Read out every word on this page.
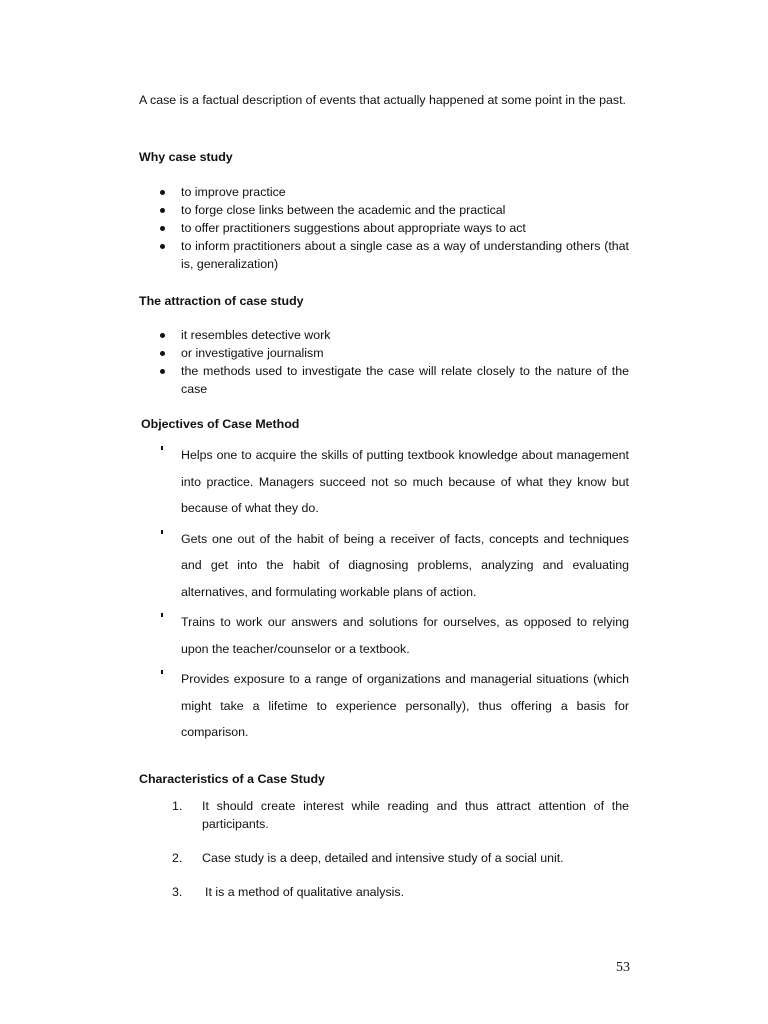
A case is a factual description of events that actually happened at some point in the past.

Why case study

to improve practice
to forge close links between the academic and the practical
to offer practitioners suggestions about appropriate ways to act
to inform practitioners about a single case as a way of understanding others (that is, generalization)

The attraction of case study

it resembles detective work
or investigative journalism
the methods used to investigate the case will relate closely to the nature of the case

Objectives of Case Method

Helps one to acquire the skills of putting textbook knowledge about management into practice. Managers succeed not so much because of what they know but because of what they do.
Gets one out of the habit of being a receiver of facts, concepts and techniques and get into the habit of diagnosing problems, analyzing and evaluating alternatives, and formulating workable plans of action.
Trains to work our answers and solutions for ourselves, as opposed to relying upon the teacher/counselor or a textbook.
Provides exposure to a range of organizations and managerial situations (which might take a lifetime to experience personally), thus offering a basis for comparison.

Characteristics of a Case Study

1. It should create interest while reading and thus attract attention of the participants.
2. Case study is a deep, detailed and intensive study of a social unit.
3. It is a method of qualitative analysis.
53
